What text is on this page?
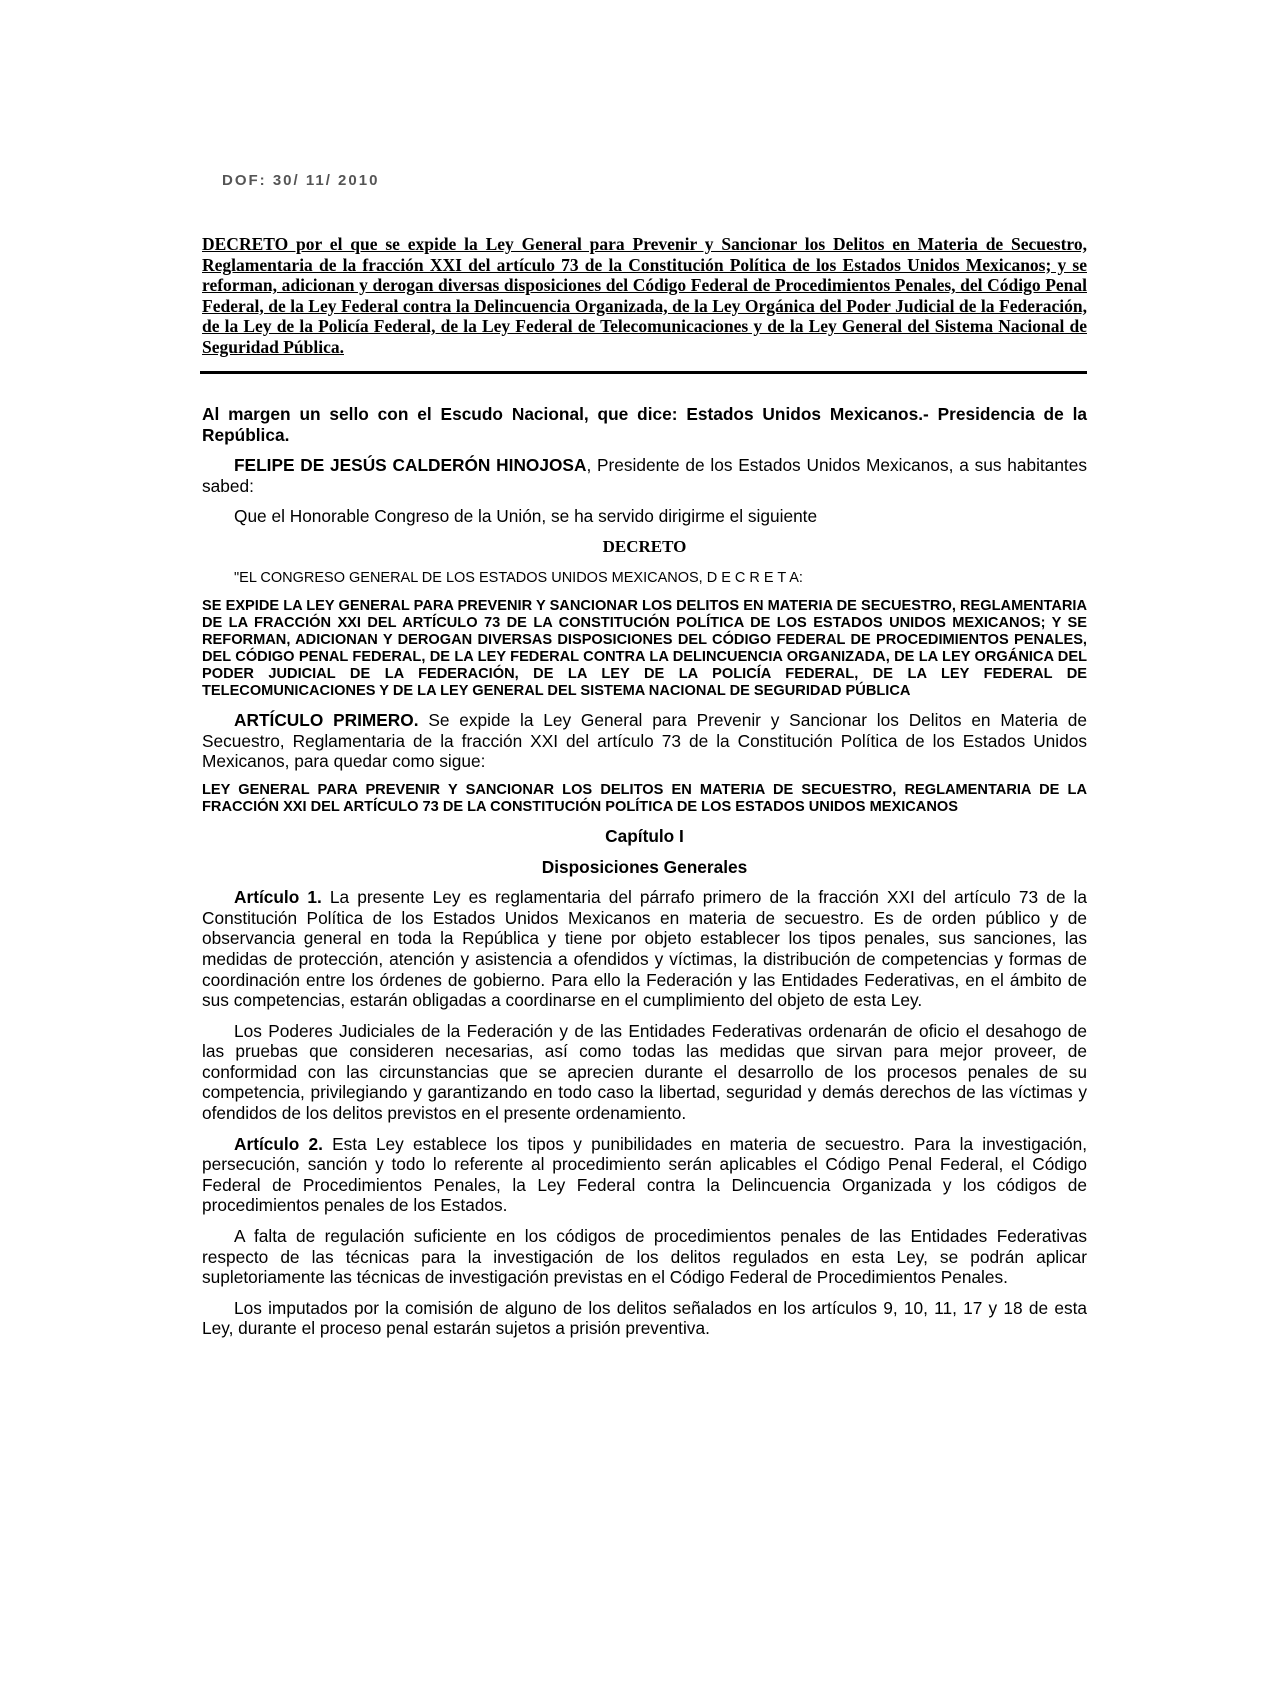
DOF: 30/ 11/ 2010
DECRETO por el que se expide la Ley General para Prevenir y Sancionar los Delitos en Materia de Secuestro, Reglamentaria de la fracción XXI del artículo 73 de la Constitución Política de los Estados Unidos Mexicanos; y se reforman, adicionan y derogan diversas disposiciones del Código Federal de Procedimientos Penales, del Código Penal Federal, de la Ley Federal contra la Delincuencia Organizada, de la Ley Orgánica del Poder Judicial de la Federación, de la Ley de la Policía Federal, de la Ley Federal de Telecomunicaciones y de la Ley General del Sistema Nacional de Seguridad Pública.

Al margen un sello con el Escudo Nacional, que dice: Estados Unidos Mexicanos.- Presidencia de la República.

FELIPE DE JESÚS CALDERÓN HINOJOSA, Presidente de los Estados Unidos Mexicanos, a sus habitantes sabed:

Que el Honorable Congreso de la Unión, se ha servido dirigirme el siguiente

DECRETO

"EL CONGRESO GENERAL DE LOS ESTADOS UNIDOS MEXICANOS, D E C R E T A:

SE EXPIDE LA LEY GENERAL PARA PREVENIR Y SANCIONAR LOS DELITOS EN MATERIA DE SECUESTRO, REGLAMENTARIA DE LA FRACCIÓN XXI DEL ARTÍCULO 73 DE LA CONSTITUCIÓN POLÍTICA DE LOS ESTADOS UNIDOS MEXICANOS; Y SE REFORMAN, ADICIONAN Y DEROGAN DIVERSAS DISPOSICIONES DEL CÓDIGO FEDERAL DE PROCEDIMIENTOS PENALES, DEL CÓDIGO PENAL FEDERAL, DE LA LEY FEDERAL CONTRA LA DELINCUENCIA ORGANIZADA, DE LA LEY ORGÁNICA DEL PODER JUDICIAL DE LA FEDERACIÓN, DE LA LEY DE LA POLICÍA FEDERAL, DE LA LEY FEDERAL DE TELECOMUNICACIONES Y DE LA LEY GENERAL DEL SISTEMA NACIONAL DE SEGURIDAD PÚBLICA

ARTÍCULO PRIMERO. Se expide la Ley General para Prevenir y Sancionar los Delitos en Materia de Secuestro, Reglamentaria de la fracción XXI del artículo 73 de la Constitución Política de los Estados Unidos Mexicanos, para quedar como sigue:

LEY GENERAL PARA PREVENIR Y SANCIONAR LOS DELITOS EN MATERIA DE SECUESTRO, REGLAMENTARIA DE LA FRACCIÓN XXI DEL ARTÍCULO 73 DE LA CONSTITUCIÓN POLÍTICA DE LOS ESTADOS UNIDOS MEXICANOS

Capítulo I

Disposiciones Generales

Artículo 1. La presente Ley es reglamentaria del párrafo primero de la fracción XXI del artículo 73 de la Constitución Política de los Estados Unidos Mexicanos en materia de secuestro. Es de orden público y de observancia general en toda la República y tiene por objeto establecer los tipos penales, sus sanciones, las medidas de protección, atención y asistencia a ofendidos y víctimas, la distribución de competencias y formas de coordinación entre los órdenes de gobierno. Para ello la Federación y las Entidades Federativas, en el ámbito de sus competencias, estarán obligadas a coordinarse en el cumplimiento del objeto de esta Ley.

Los Poderes Judiciales de la Federación y de las Entidades Federativas ordenarán de oficio el desahogo de las pruebas que consideren necesarias, así como todas las medidas que sirvan para mejor proveer, de conformidad con las circunstancias que se aprecien durante el desarrollo de los procesos penales de su competencia, privilegiando y garantizando en todo caso la libertad, seguridad y demás derechos de las víctimas y ofendidos de los delitos previstos en el presente ordenamiento.

Artículo 2. Esta Ley establece los tipos y punibilidades en materia de secuestro. Para la investigación, persecución, sanción y todo lo referente al procedimiento serán aplicables el Código Penal Federal, el Código Federal de Procedimientos Penales, la Ley Federal contra la Delincuencia Organizada y los códigos de procedimientos penales de los Estados.

A falta de regulación suficiente en los códigos de procedimientos penales de las Entidades Federativas respecto de las técnicas para la investigación de los delitos regulados en esta Ley, se podrán aplicar supletoriamente las técnicas de investigación previstas en el Código Federal de Procedimientos Penales.

Los imputados por la comisión de alguno de los delitos señalados en los artículos 9, 10, 11, 17 y 18 de esta Ley, durante el proceso penal estarán sujetos a prisión preventiva.
